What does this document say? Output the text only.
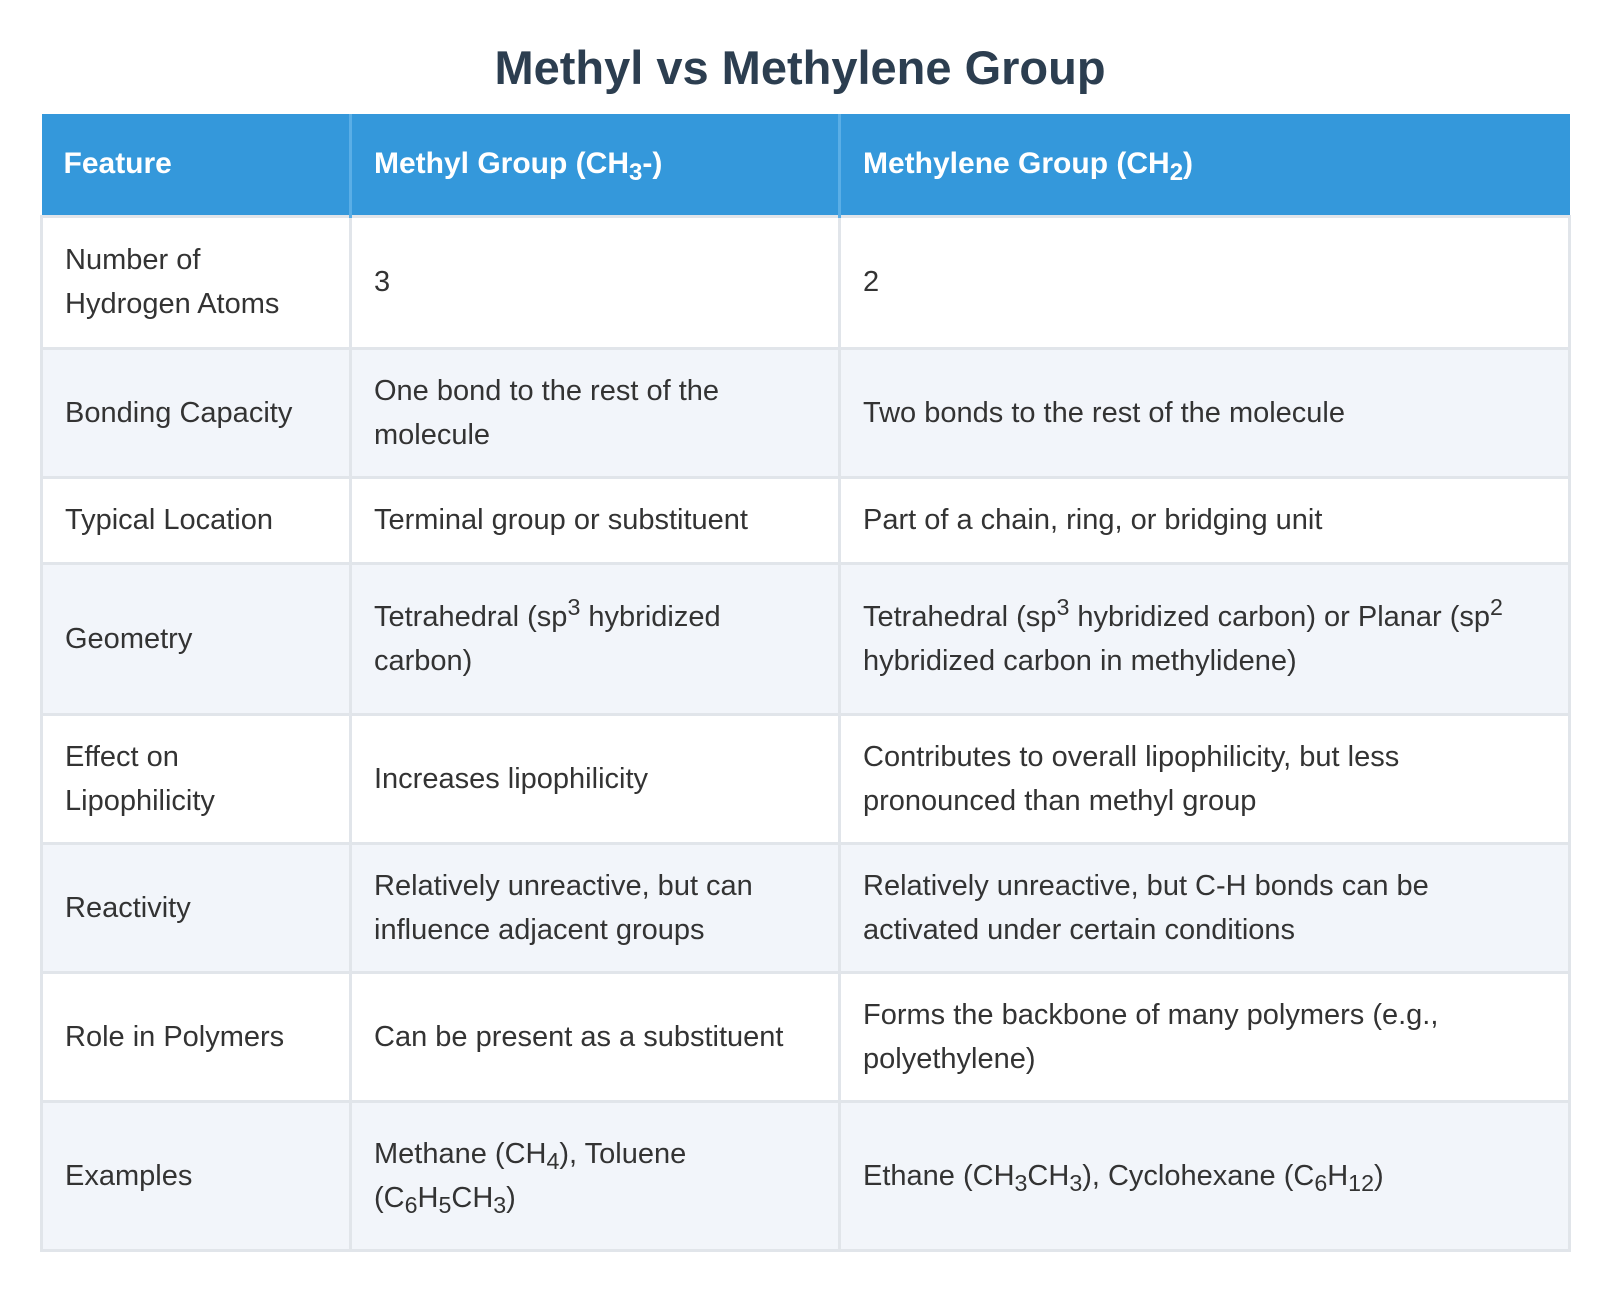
Methyl vs Methylene Group
Feature	Methyl Group $(CH_3-)$	Methylene Group $(CH_2)$
Number of Hydrogen Atoms	3	2
Bonding Capacity	One bond to the rest of the molecule	Two bonds to the rest of the molecule
Typical Location	Terminal group or substituent	Part of a chain, ring, or bridging unit
Geometry	Tetrahedral ($sp^3$ hybridized carbon)	Tetrahedral ($sp^3$ hybridized carbon) or Planar ($sp^2$ hybridized carbon in methylidene)
Effect on Lipophilicity	Increases lipophilicity	Contributes to overall lipophilicity, but less pronounced than methyl group
Reactivity	Relatively unreactive, but can influence adjacent groups	Relatively unreactive, but C-H bonds can be activated under certain conditions
Role in Polymers	Can be present as a substituent	Forms the backbone of many polymers (e.g., polyethylene)
Examples	Methane $(CH_4)$, Toluene $(C_6H_5CH_3)$	Ethane $(CH_3CH_3)$, Cyclohexane $(C_6H_{12})$
